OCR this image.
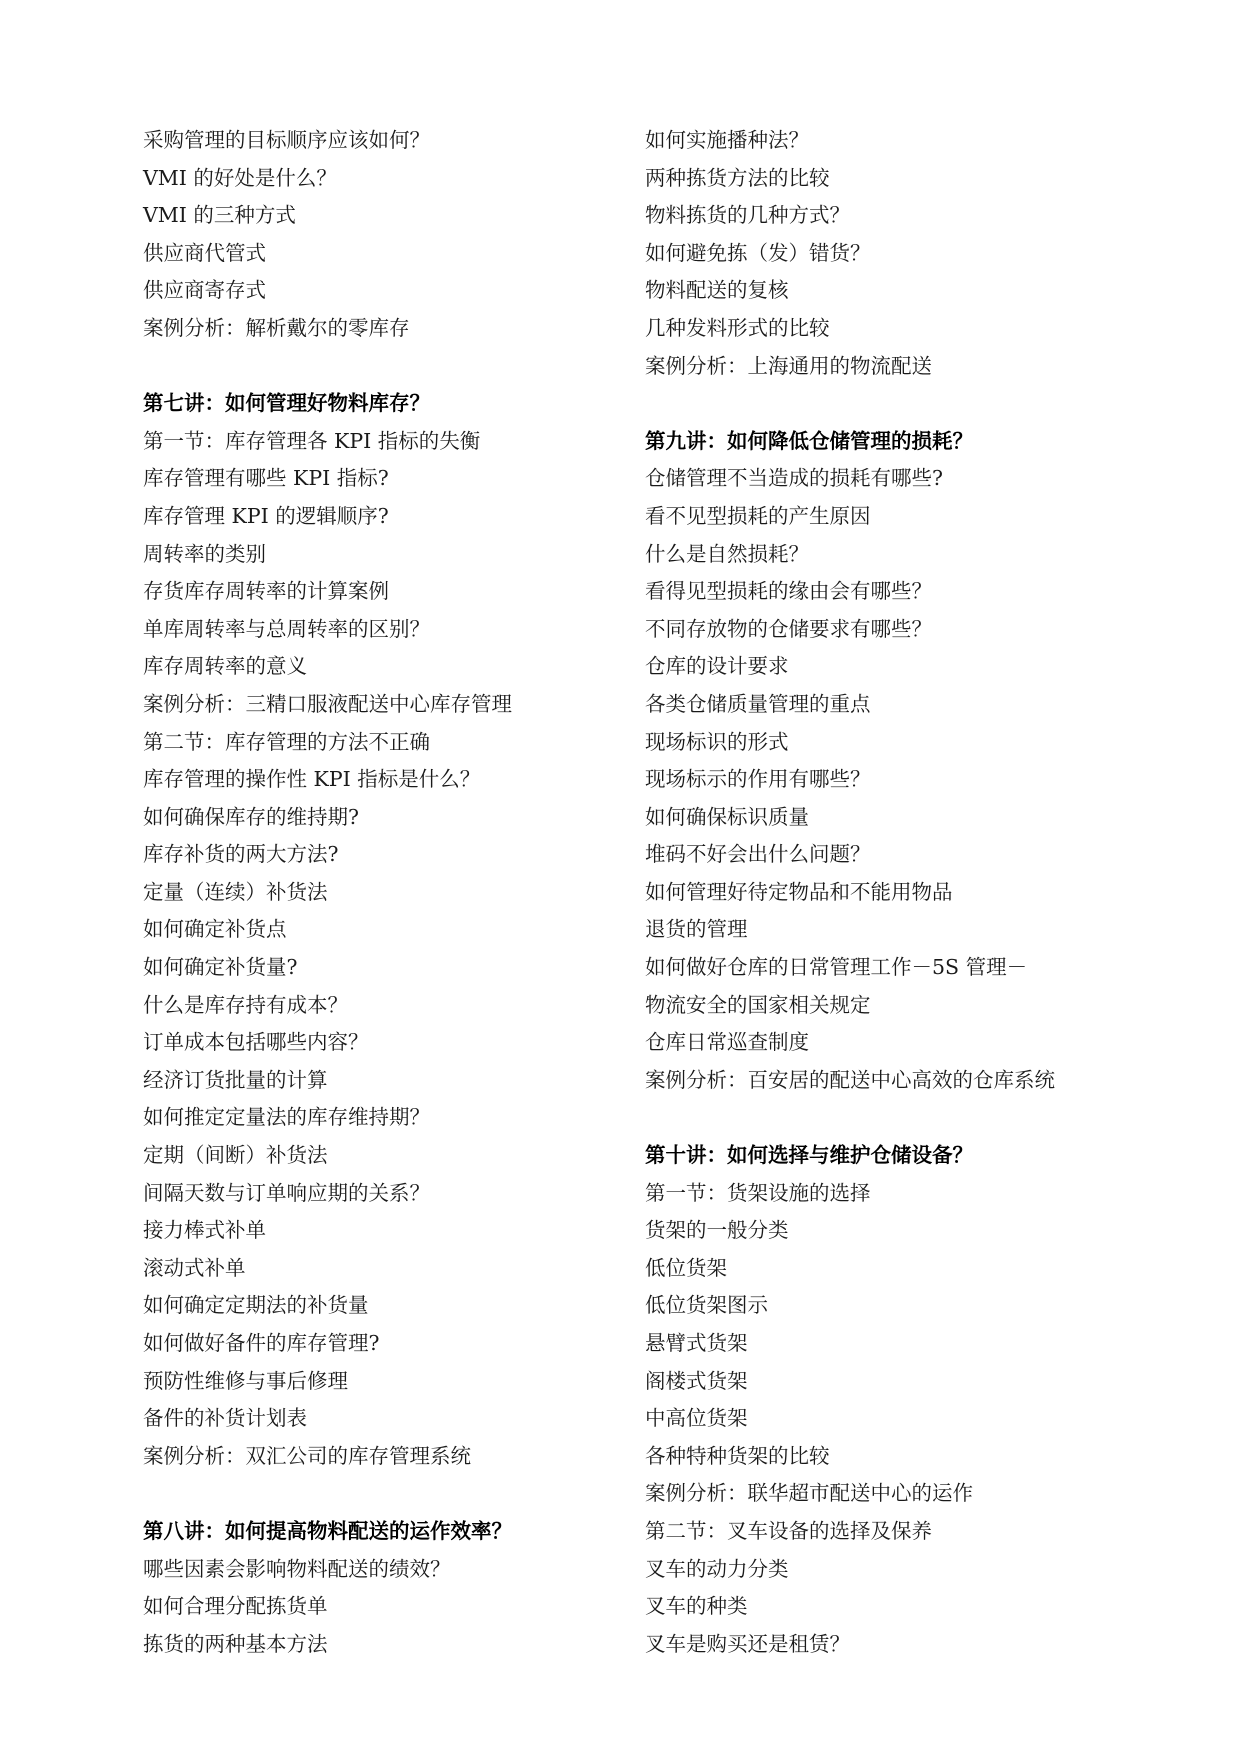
采购管理的目标顺序应该如何？
VMI 的好处是什么？
VMI 的三种方式
供应商代管式
供应商寄存式
案例分析：解析戴尔的零库存
第七讲：如何管理好物料库存？
第一节：库存管理各 KPI 指标的失衡
库存管理有哪些 KPI 指标?
库存管理 KPI 的逻辑顺序?
周转率的类别
存货库存周转率的计算案例
单库周转率与总周转率的区别？
库存周转率的意义
案例分析：三精口服液配送中心库存管理
第二节：库存管理的方法不正确
库存管理的操作性 KPI 指标是什么？
如何确保库存的维持期?
库存补货的两大方法?
定量（连续）补货法
如何确定补货点
如何确定补货量?
什么是库存持有成本？
订单成本包括哪些内容？
经济订货批量的计算
如何推定定量法的库存维持期？
定期（间断）补货法
间隔天数与订单响应期的关系？
接力棒式补单
滚动式补单
如何确定定期法的补货量
如何做好备件的库存管理?
预防性维修与事后修理
备件的补货计划表
案例分析：双汇公司的库存管理系统
第八讲：如何提高物料配送的运作效率？
哪些因素会影响物料配送的绩效？
如何合理分配拣货单
拣货的两种基本方法
如何实施播种法？
两种拣货方法的比较
物料拣货的几种方式？
如何避免拣（发）错货？
物料配送的复核
几种发料形式的比较
案例分析：上海通用的物流配送
第九讲：如何降低仓储管理的损耗？
仓储管理不当造成的损耗有哪些?
看不见型损耗的产生原因
什么是自然损耗？
看得见型损耗的缘由会有哪些？
不同存放物的仓储要求有哪些？
仓库的设计要求
各类仓储质量管理的重点
现场标识的形式
现场标示的作用有哪些？
如何确保标识质量
堆码不好会出什么问题？
如何管理好待定物品和不能用物品
退货的管理
如何做好仓库的日常管理工作－5S 管理－
物流安全的国家相关规定
仓库日常巡查制度
案例分析：百安居的配送中心高效的仓库系统
第十讲：如何选择与维护仓储设备？
第一节：货架设施的选择
货架的一般分类
低位货架
低位货架图示
悬臂式货架
阁楼式货架
中高位货架
各种特种货架的比较
案例分析：联华超市配送中心的运作
第二节：叉车设备的选择及保养
叉车的动力分类
叉车的种类
叉车是购买还是租赁？
